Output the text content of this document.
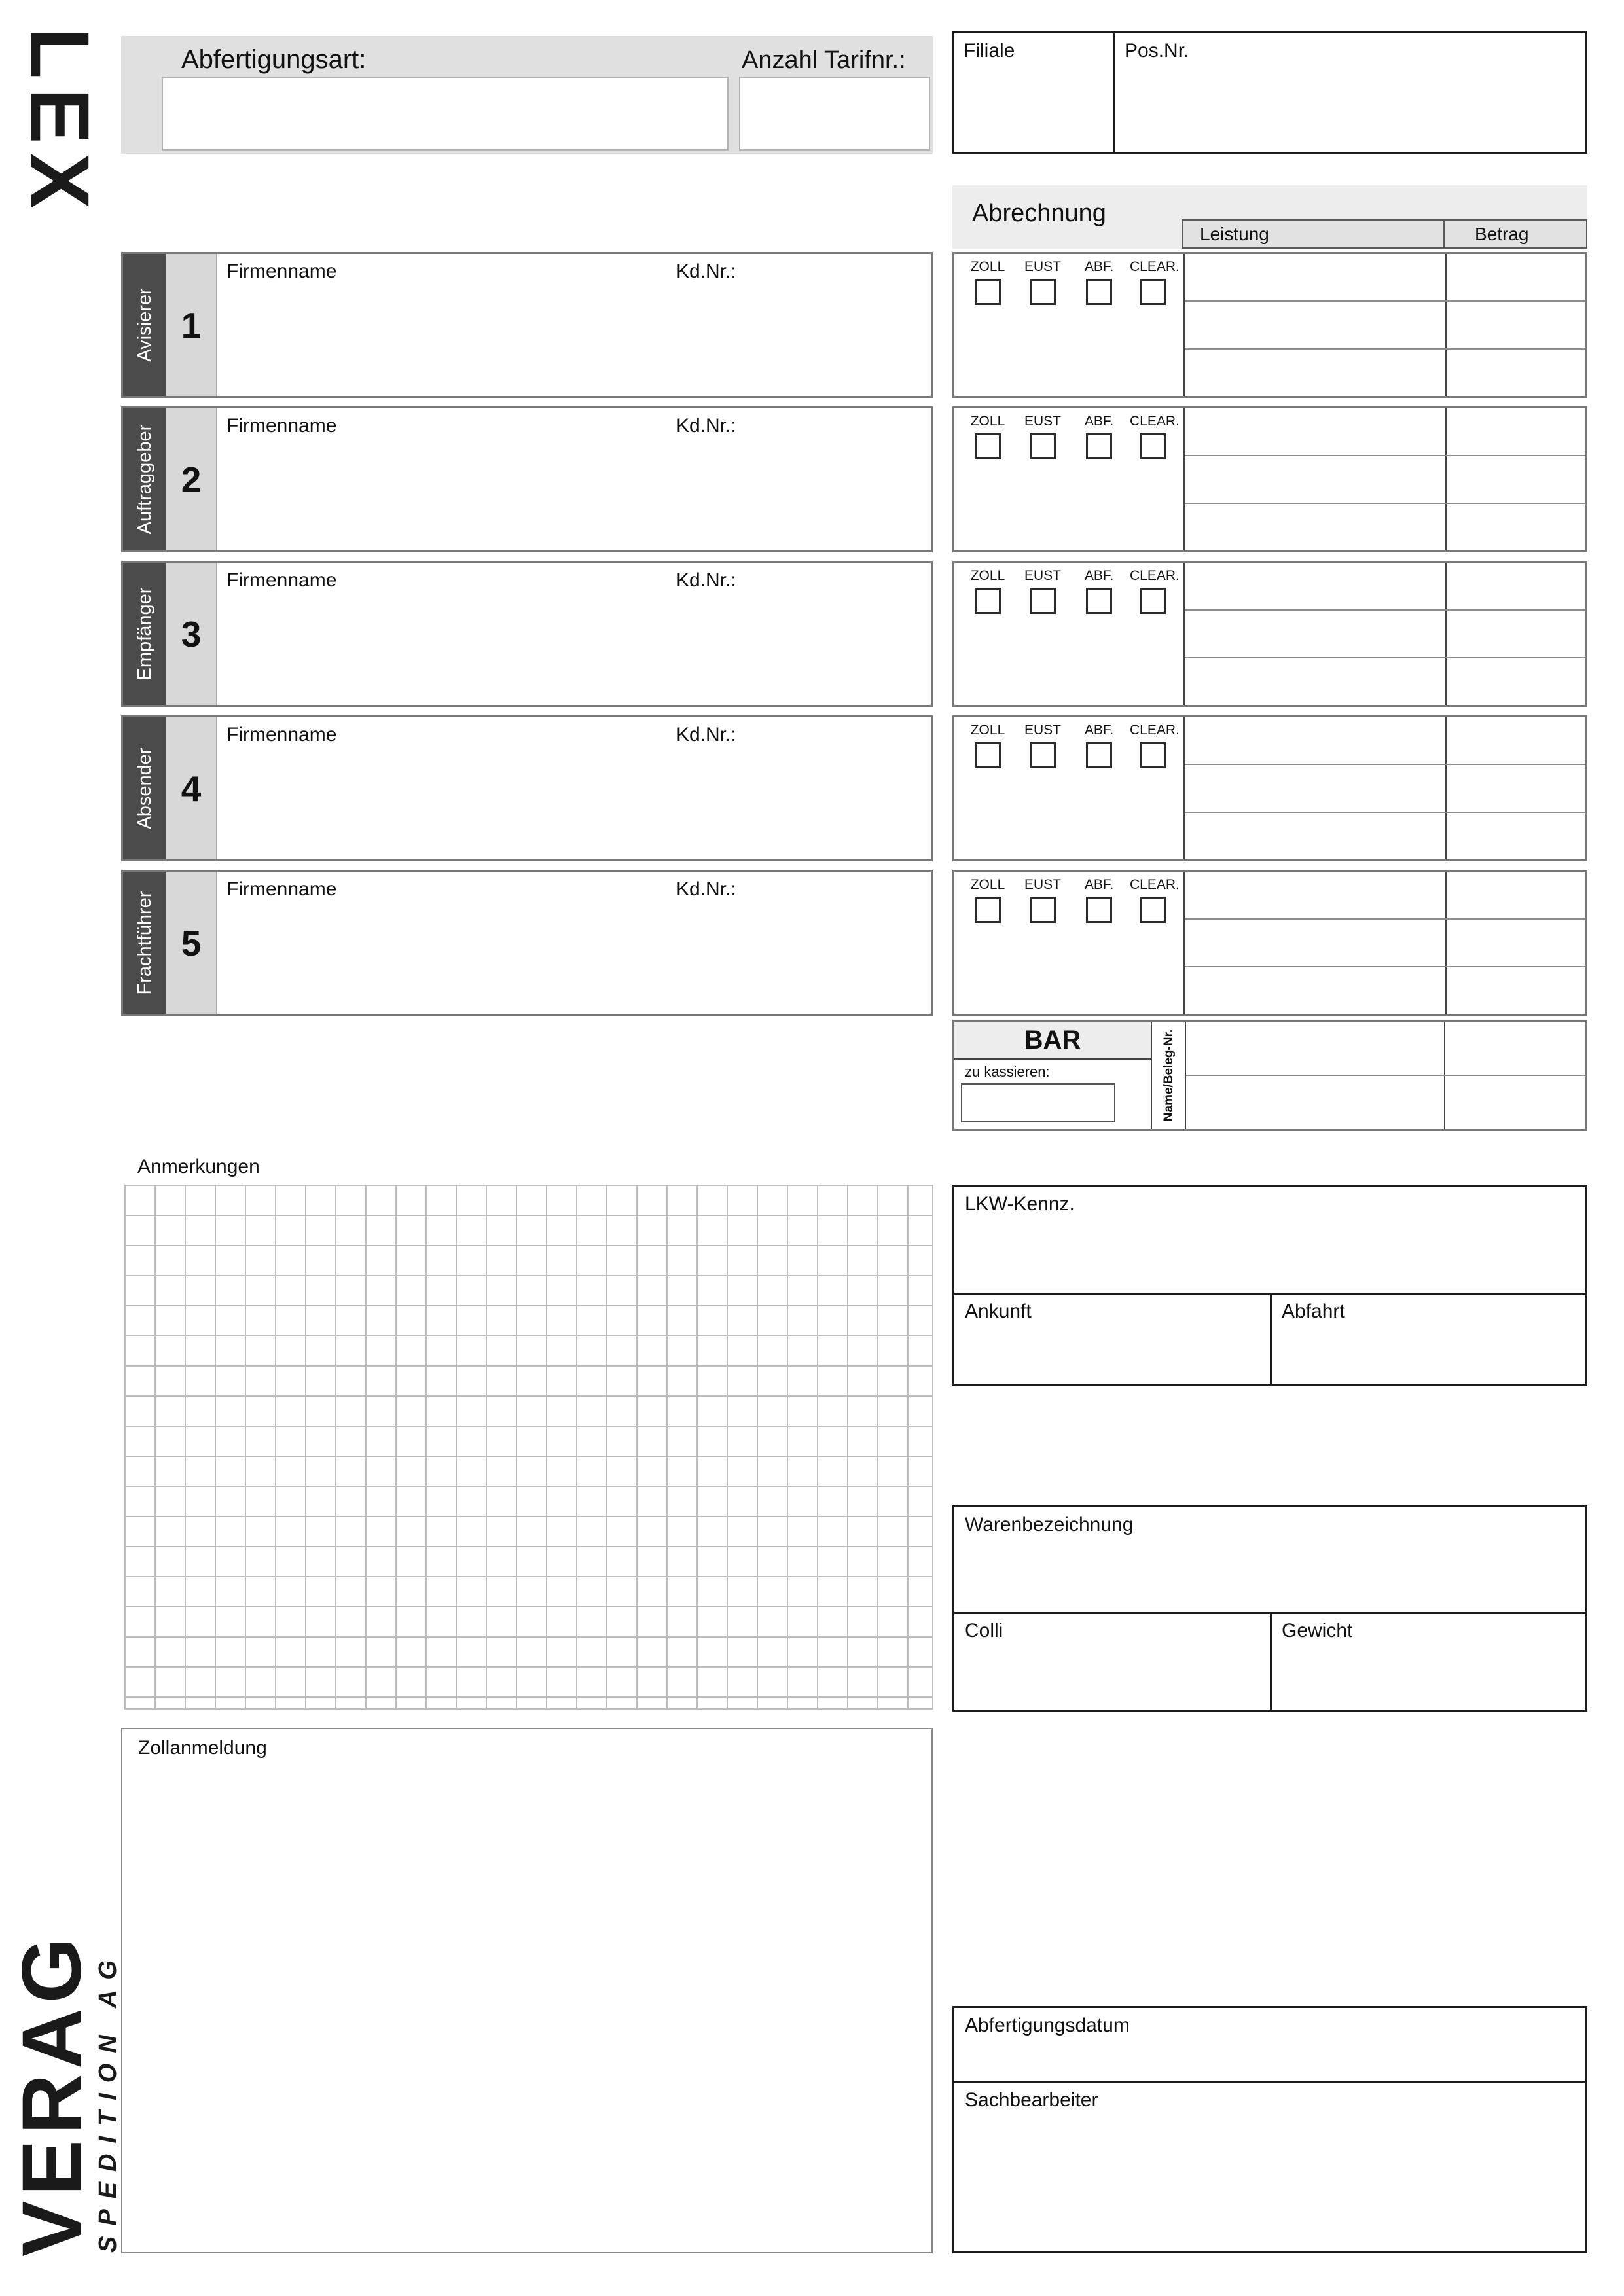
LEX	Abfertigungsart:	Anzahl Tarifnr.:	Filiale	Pos.Nr.
Abrechnung
Leistung	Betrag
Avisierer 1
Firmenname	Kd.Nr.:	ZOLL	EUST	ABF.	CLEAR.
Auftraggeber 2
Firmenname	Kd.Nr.:	ZOLL	EUST	ABF.	CLEAR.
Empfänger 3
Firmenname	Kd.Nr.:	ZOLL	EUST	ABF.	CLEAR.
Absender 4
Firmenname	Kd.Nr.:	ZOLL	EUST	ABF.	CLEAR.
Frachtführer 5
Firmenname	Kd.Nr.:	ZOLL	EUST	ABF.	CLEAR.
BAR
zu kassieren:	Name/Beleg-Nr.
Anmerkungen
LKW-Kennz.
Ankunft	Abfahrt
Warenbezeichnung
Colli	Gewicht
Zollanmeldung
Abfertigungsdatum
Sachbearbeiter
VERAG
SPEDITION AG
